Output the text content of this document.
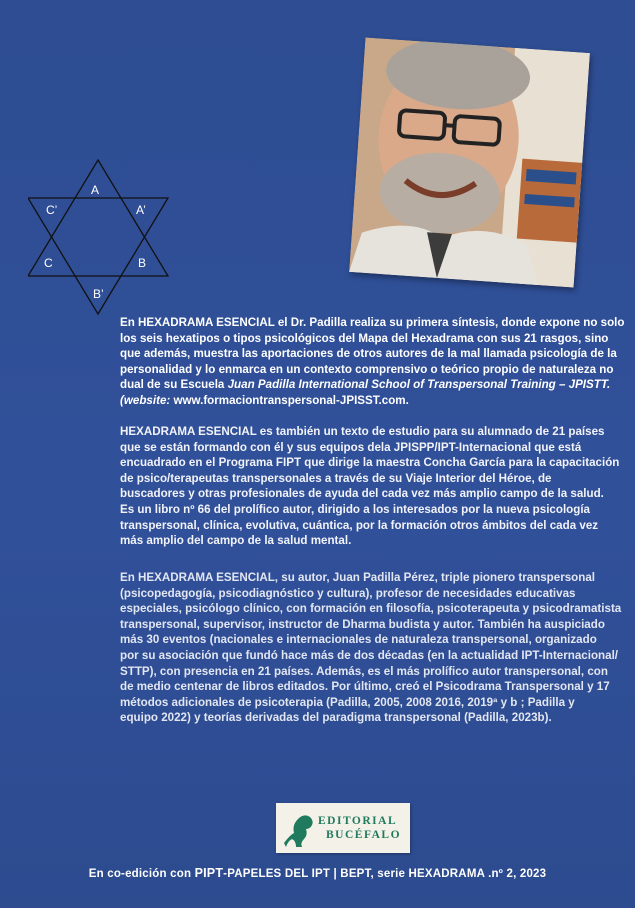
A
C’	A’
C	B
B’
En HEXADRAMA ESENCIAL el Dr. Padilla realiza su primera síntesis, donde expone no solo
los seis hexatipos o tipos psicológicos del Mapa del Hexadrama con sus 21 rasgos, sino
que además, muestra las aportaciones de otros autores de la mal llamada psicología de la
personalidad y lo enmarca en un contexto comprensivo o teórico propio de naturaleza no
dual de su Escuela Juan Padilla International School of Transpersonal Training – JPISTT.
(website: www.formaciontranspersonal-JPISST.com.
HEXADRAMA ESENCIAL es también un texto de estudio para su alumnado de 21 países
que se están formando con él y sus equipos dela JPISPP/IPT-Internacional que está
encuadrado en el Programa FIPT que dirige la maestra Concha García para la capacitación
de psico/terapeutas transpersonales a través de su Viaje Interior del Héroe, de
buscadores y otras profesionales de ayuda del cada vez más amplio campo de la salud.
Es un libro nº 66 del prolífico autor, dirigido a los interesados por la nueva psicología
transpersonal, clínica, evolutiva, cuántica, por la formación otros ámbitos del cada vez
más amplio del campo de la salud mental.
En HEXADRAMA ESENCIAL, su autor, Juan Padilla Pérez, triple pionero transpersonal
(psicopedagogía, psicodiagnóstico y cultura), profesor de necesidades educativas
especiales, psicólogo clínico, con formación en filosofía, psicoterapeuta y psicodramatista
transpersonal, supervisor, instructor de Dharma budista y autor. También ha auspiciado
más 30 eventos (nacionales e internacionales de naturaleza transpersonal, organizado
por su asociación que fundó hace más de dos décadas (en la actualidad IPT-Internacional/
STTP), con presencia en 21 países. Además, es el más prolífico autor transpersonal, con
de medio centenar de libros editados. Por último, creó el Psicodrama Transpersonal y 17
métodos adicionales de psicoterapia (Padilla, 2005, 2008 2016, 2019ª y b ; Padilla y
equipo 2022) y teorías derivadas del paradigma transpersonal (Padilla, 2023b).
EDITORIAL
BUCÉFALO
En co-edición con PIPT-PAPELES DEL IPT | BEPT, serie HEXADRAMA .nº 2, 2023
